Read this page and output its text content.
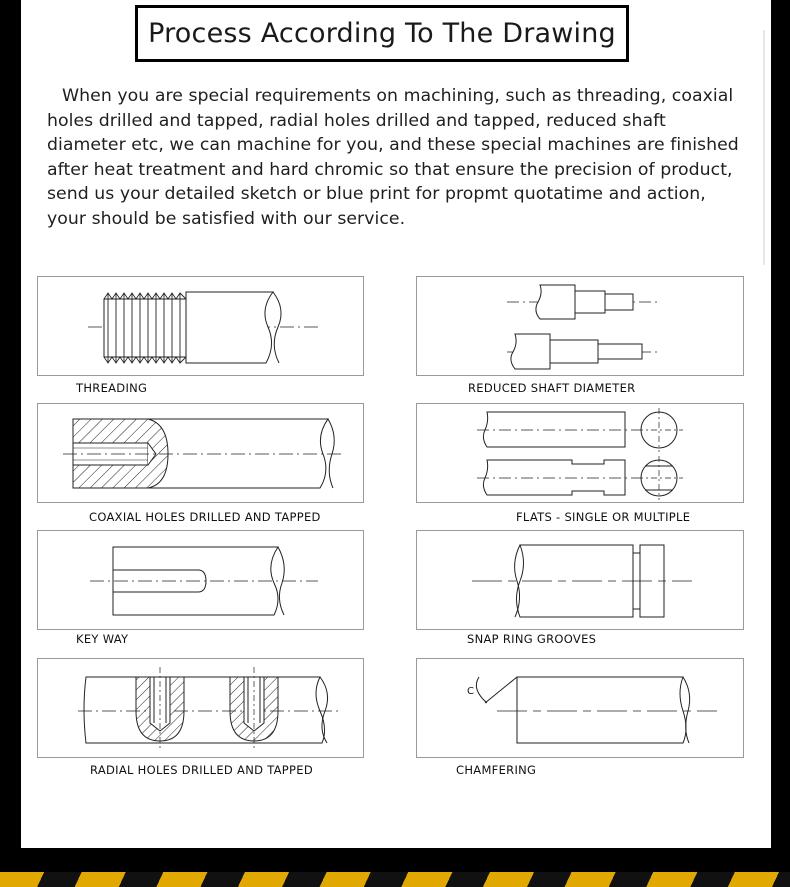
Process According To The Drawing

When you are special requirements on machining, such as threading, coaxial holes drilled and tapped, radial holes drilled and tapped, reduced shaft diameter etc, we can machine for you, and these special machines are finished after heat treatment and hard chromic so that ensure the precision of product, send us your detailed sketch or blue print for propmt quotatime and action, your should be satisfied with our service.

THREADING	REDUCED SHAFT DIAMETER
COAXIAL HOLES DRILLED AND TAPPED	FLATS - SINGLE OR MULTIPLE
KEY WAY	SNAP RING GROOVES
RADIAL HOLES DRILLED AND TAPPED
C
CHAMFERING
